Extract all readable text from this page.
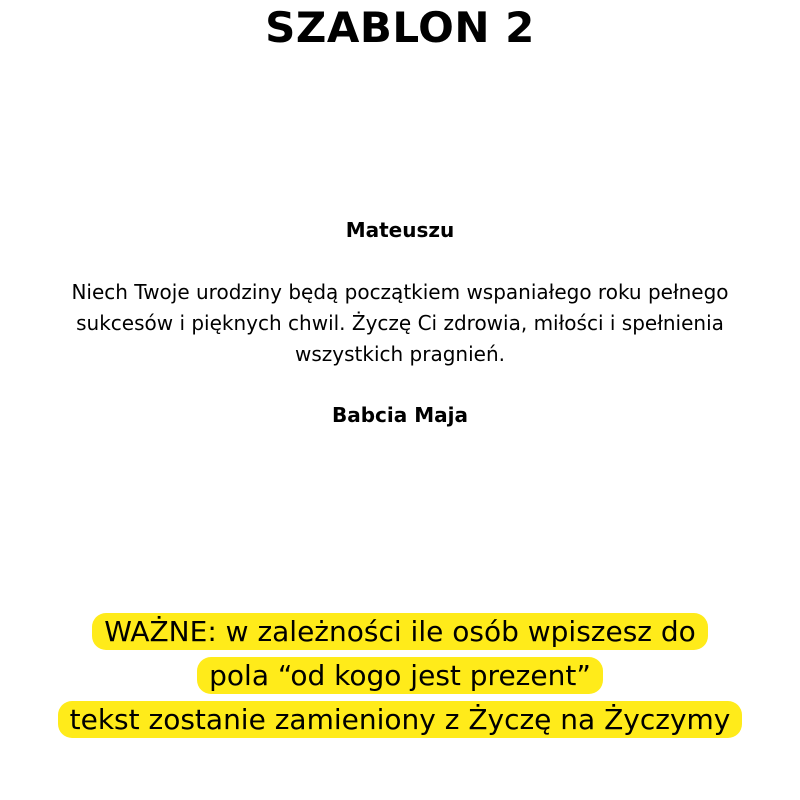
SZABLON 2

Mateuszu

Niech Twoje urodziny będą początkiem wspaniałego roku pełnego sukcesów i pięknych chwil. Życzę Ci zdrowia, miłości i spełnienia wszystkich pragnień.

Babcia Maja

WAŻNE: w zależności ile osób wpiszesz do
pola “od kogo jest prezent”
tekst zostanie zamieniony z Życzę na Życzymy
